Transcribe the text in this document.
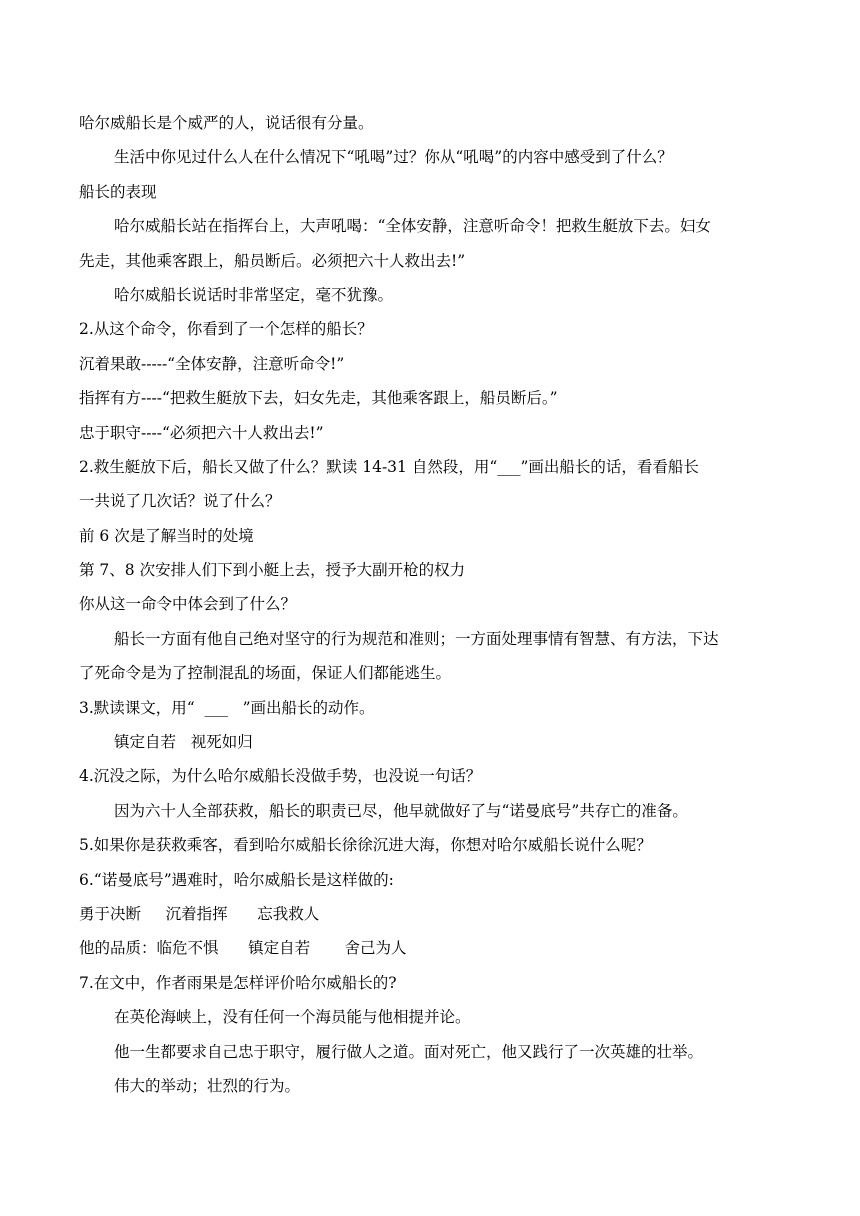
哈尔威船长是个威严的人，说话很有分量。
生活中你见过什么人在什么情况下“吼喝”过？你从“吼喝”的内容中感受到了什么？
船长的表现
哈尔威船长站在指挥台上，大声吼喝：“全体安静，注意听命令！把救生艇放下去。妇女
先走，其他乘客跟上，船员断后。必须把六十人救出去!”
哈尔威船长说话时非常坚定，毫不犹豫。
2.从这个命令，你看到了一个怎样的船长？
沉着果敢-----“全体安静，注意听命令!”
指挥有方----“把救生艇放下去，妇女先走，其他乘客跟上，船员断后。”
忠于职守----“必须把六十人救出去!”
2.救生艇放下后，船长又做了什么？默读 14-31 自然段，用“___”画出船长的话，看看船长
一共说了几次话？说了什么？
前 6 次是了解当时的处境
第 7、8 次安排人们下到小艇上去，授予大副开枪的权力
你从这一命令中体会到了什么？
船长一方面有他自己绝对坚守的行为规范和准则；一方面处理事情有智慧、有方法，下达
了死命令是为了控制混乱的场面，保证人们都能逃生。
3.默读课文，用“  ___   ”画出船长的动作。
镇定自若   视死如归
4.沉没之际，为什么哈尔威船长没做手势，也没说一句话？
因为六十人全部获救，船长的职责已尽，他早就做好了与“诺曼底号”共存亡的准备。
5.如果你是获救乘客，看到哈尔威船长徐徐沉进大海，你想对哈尔威船长说什么呢？
6.“诺曼底号”遇难时，哈尔威船长是这样做的:
勇于决断     沉着指挥      忘我救人
他的品质：临危不惧      镇定自若       舍己为人
7.在文中，作者雨果是怎样评价哈尔威船长的?
在英伦海峡上，没有任何一个海员能与他相提并论。
他一生都要求自己忠于职守，履行做人之道。面对死亡，他又践行了一次英雄的壮举。
伟大的举动；壮烈的行为。
